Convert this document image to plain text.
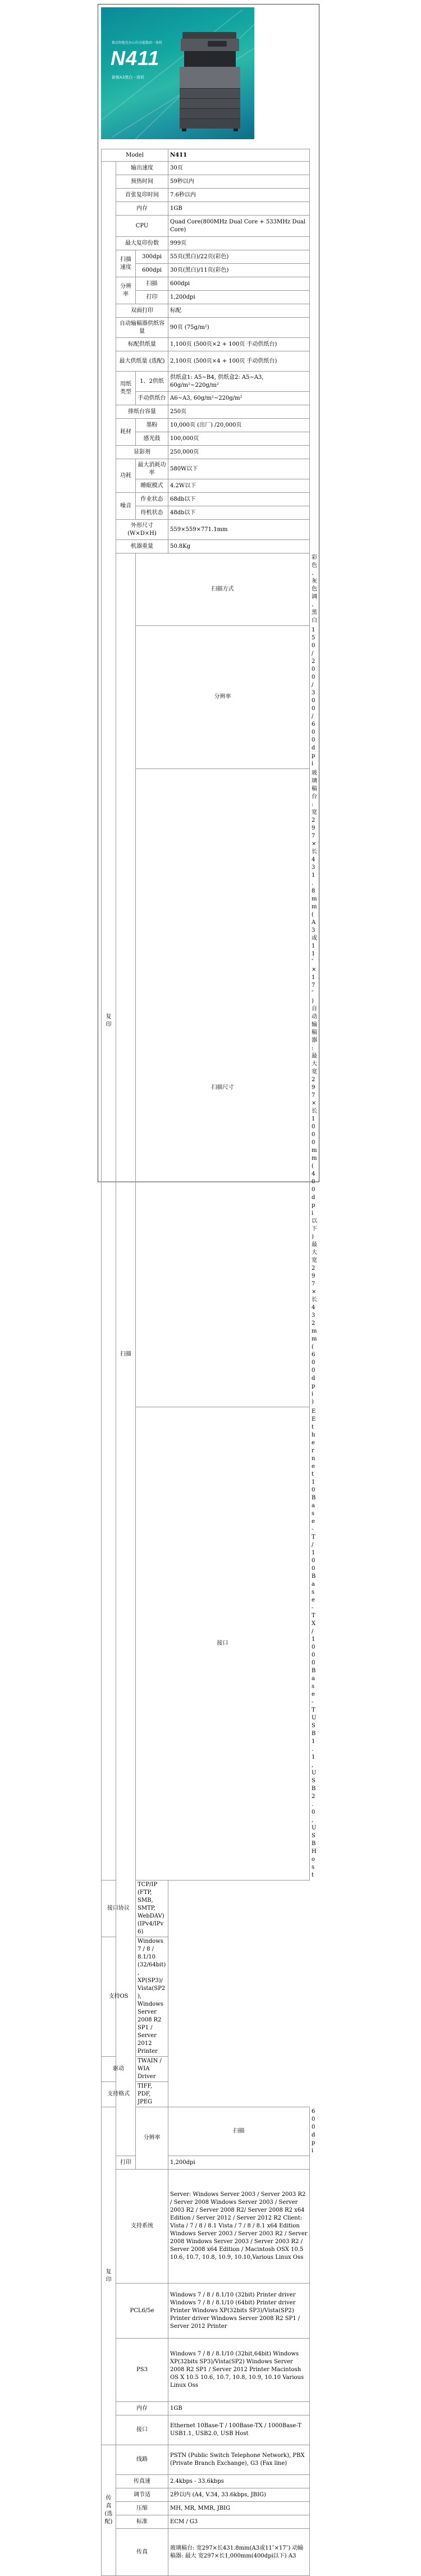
推动智能化办公的全能数码一体机
N411
新都A3黑白一体机
Model			N411	
复印	输出速度		30页	
	预热时间		59秒以内	
	首张复印时间		7.6秒以内	
	内存		1GB	
	CPU		Quad Core(800MHz Dual Core + 533MHz Dual Core)	
	最大复印份数		999页	
	扫描速度	300dpi	55页(黑白)/22页(彩色)	
		600dpi	30页(黑白)/11页(彩色)	
	分辨率	扫描	600dpi	
		打印	1,200dpi	
	双面打印		标配	
	自动输稿器供纸容量		90页 (75g/m²)	
	标配供纸量		1,100页 (500页×2 + 100页 手动供纸台)	
	最大供纸量 (选配)		2,100页 (500页×4 + 100页 手动供纸台)	
	用纸类型	1、2供纸	供纸盒1: A5~B4, 供纸盒2: A5~A3, 60g/m²~220g/m²	
		手动供纸台	A6~A3, 60g/m²~220g/m²	
	排纸台容量		250页	
	耗材	墨粉	10,000页 (出厂) /20,000页	
		感光鼓	100,000页	
	显影剂		250,000页	
	功耗	最大消耗功率	580W以下	
		睡眠模式	4.2W以下	
	噪音	作业状态	68db以下	
		待机状态	48db以下	
	外形尺寸 (W×D×H)		559×559×771.1mm	
	机器重量		50.8Kg	
	扫描	扫描方式		彩色、灰色调、黑白
		分辨率		150 / 200 / 300 / 600dpi
		扫描尺寸		玻璃稿台: 宽297×长431.8mm(A3或11″×17″) 自动输稿器: 最大 宽297×长1000mm(400dpi以下) 最大 宽297×长432mm(600dpi)
		接口		EEthernet 10Base-T/100Base-TX /1000Base-T USB1.1, USB2.0, USB Host
接口协议		TCP/IP (FTP, SMB, SMTP, WebDAV) (IPv4/IPv6)		
支持OS		Windows 7 / 8 / 8.1/10 (32/64bit), XP(SP3)/Vista(SP2), Windows Server 2008 R2 SP1 / Server 2012 Printer		
驱动		TWAIN / WIA Driver		
支持格式		TIFF, PDF, JPEG		
复印		分辨率	扫描	600dpi
	打印		1,200dpi	
	支持系统		Server: Windows Server 2003 / Server 2003 R2 / Server 2008 Windows Server 2003 / Server 2003 R2 / Server 2008 R2/ Server 2008 R2 x64 Edition / Server 2012 / Server 2012 R2 Client: Vista / 7 / 8 / 8.1 Vista / 7 / 8 / 8.1 x64 Edition Windows Server 2003 / Server 2003 R2 / Server 2008 Windows Server 2003 / Server 2003 R2 / Server 2008 x64 Edition / Macintosh OSX 10.5 10.6, 10.7, 10.8, 10.9, 10.10,Various Linux Oss	
	PCL6/5e		Windows 7 / 8 / 8.1/10 (32bit) Printer driver Windows 7 / 8 / 8.1/10 (64bit) Printer driver Printer Windows XP(32bits SP3)/Vista(SP2) Printer driver Windows Server 2008 R2 SP1 / Server 2012 Printer	
	PS3		Windows 7 / 8 / 8.1/10 (32bit,64bit) Windows XP(32bits SP3)/Vista(SP2) Windows Server 2008 R2 SP1 / Server 2012 Printer Macintosh OS X 10.5 10.6, 10.7, 10.8, 10.9, 10.10 Various Linux Oss	
	内存		1GB	
	接口		Ethernet 10Base-T / 100Base-TX / 1000Base-T USB1.1, USB2.0, USB Host	
传真 (选配)	线路		PSTN (Public Switch Telephone Network), PBX (Private Branch Exchange), G3 (Fax line)	
	传真速		2.4kbps - 33.6kbps	
	调节适		2秒以内 (A4, V.34, 33.6kbps, JBIG)	
	压缩		MH, MR, MMR, JBIG	
	标准		ECM / G3	
	传真		玻璃稿台: 宽297×长431.8mm(A3或11″×17″) 动输稿器: 最大 宽297×长1,000mm(400dpi以下) A3	
